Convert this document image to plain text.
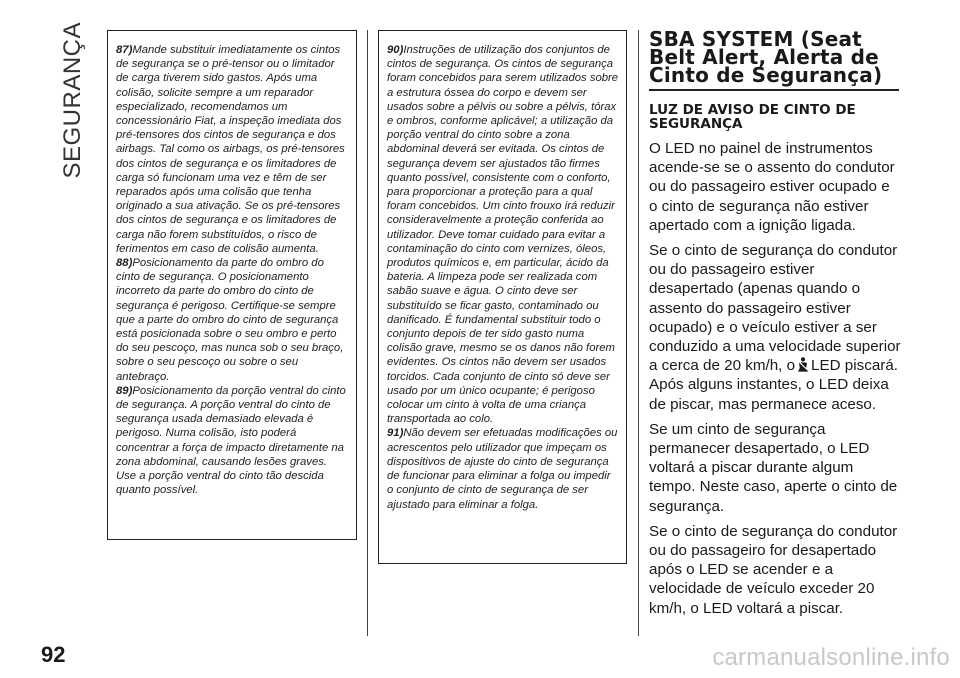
SEGURANÇA	87)Mande substituir imediatamente os cintos de segurança se o pré-tensor ou o limitador de carga tiverem sido gastos. Após uma colisão, solicite sempre a um reparador especializado, recomendamos um concessionário Fiat, a inspeção imediata dos pré-tensores dos cintos de segurança e dos airbags. Tal como os airbags, os pré-tensores dos cintos de segurança e os limitadores de carga só funcionam uma vez e têm de ser reparados após uma colisão que tenha originado a sua ativação. Se os pré-tensores dos cintos de segurança e os limitadores de carga não forem substituídos, o risco de ferimentos em caso de colisão aumenta.

88)Posicionamento da parte do ombro do cinto de segurança. O posicionamento incorreto da parte do ombro do cinto de segurança é perigoso. Certifique-se sempre que a parte do ombro do cinto de segurança está posicionada sobre o seu ombro e perto do seu pescoço, mas nunca sob o seu braço, sobre o seu pescoço ou sobre o seu antebraço.

89)Posicionamento da porção ventral do cinto de segurança. A porção ventral do cinto de segurança usada demasiado elevada é perigoso. Numa colisão, isto poderá concentrar a força de impacto diretamente na zona abdominal, causando lesões graves. Use a porção ventral do cinto tão descida quanto possível.

90)Instruções de utilização dos conjuntos de cintos de segurança. Os cintos de segurança foram concebidos para serem utilizados sobre a estrutura óssea do corpo e devem ser usados sobre a pélvis ou sobre a pélvis, tórax e ombros, conforme aplicável; a utilização da porção ventral do cinto sobre a zona abdominal deverá ser evitada. Os cintos de segurança devem ser ajustados tão firmes quanto possível, consistente com o conforto, para proporcionar a proteção para a qual foram concebidos. Um cinto frouxo irá reduzir consideravelmente a proteção conferida ao utilizador. Deve tomar cuidado para evitar a contaminação do cinto com vernizes, óleos, produtos químicos e, em particular, ácido da bateria. A limpeza pode ser realizada com sabão suave e água. O cinto deve ser substituído se ficar gasto, contaminado ou danificado. É fundamental substituir todo o conjunto depois de ter sido gasto numa colisão grave, mesmo se os danos não forem evidentes. Os cintos não devem ser usados torcidos. Cada conjunto de cinto só deve ser usado por um único ocupante; é perigoso colocar um cinto à volta de uma criança transportada ao colo.

91)Não devem ser efetuadas modificações ou acrescentos pelo utilizador que impeçam os dispositivos de ajuste do cinto de segurança de funcionar para eliminar a folga ou impedir o conjunto de cinto de segurança de ser ajustado para eliminar a folga.

SBA SYSTEM (Seat Belt Alert, Alerta de Cinto de Segurança)
LUZ DE AVISO DE CINTO DE SEGURANÇA

O LED no painel de instrumentos acende-se se o assento do condutor ou do passageiro estiver ocupado e o cinto de segurança não estiver apertado com a ignição ligada.

Se o cinto de segurança do condutor ou do passageiro estiver desapertado (apenas quando o assento do passageiro estiver ocupado) e o veículo estiver a ser conduzido a uma velocidade superior a cerca de 20 km/h, o LED piscará. Após alguns instantes, o LED deixa de piscar, mas permanece aceso.

Se um cinto de segurança permanecer desapertado, o LED voltará a piscar durante algum tempo. Neste caso, aperte o cinto de segurança.

Se o cinto de segurança do condutor ou do passageiro for desapertado após o LED se acender e a velocidade de veículo exceder 20 km/h, o LED voltará a piscar.

92	carmanualsonline.info
